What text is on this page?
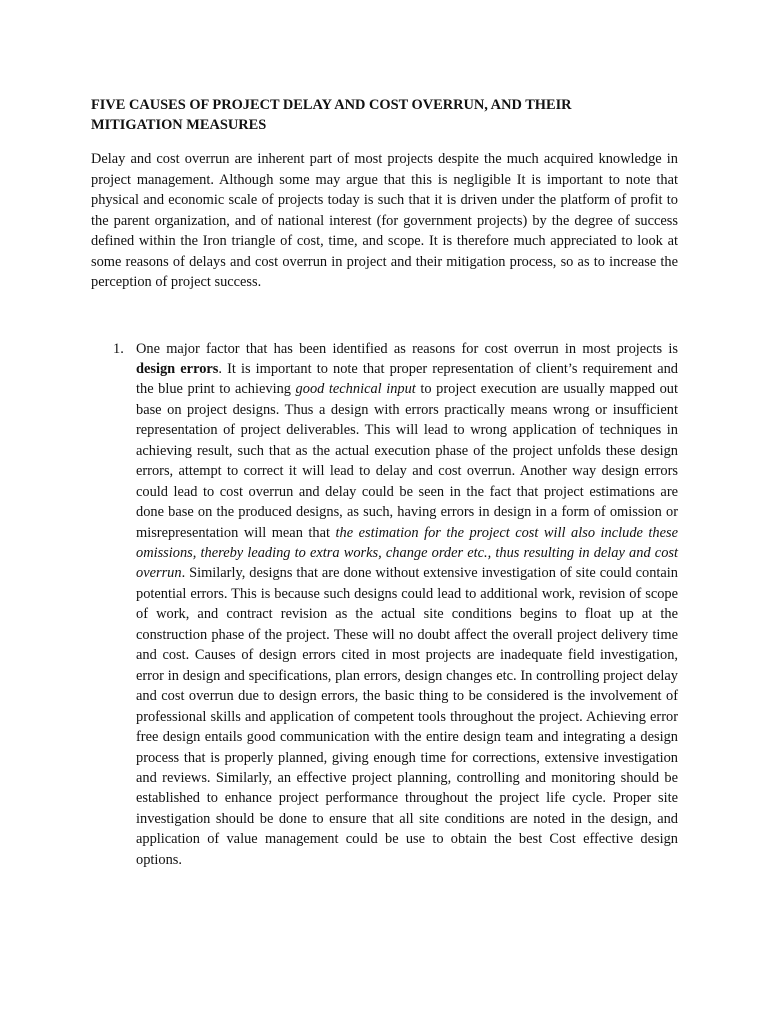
FIVE CAUSES OF PROJECT DELAY AND COST OVERRUN, AND THEIR MITIGATION MEASURES

Delay and cost overrun are inherent part of most projects despite the much acquired knowledge in project management. Although some may argue that this is negligible It is important to note that physical and economic scale of projects today is such that it is driven under the platform of profit to the parent organization, and of national interest (for government projects) by the degree of success defined within the Iron triangle of cost, time, and scope. It is therefore much appreciated to look at some reasons of delays and cost overrun in project and their mitigation process, so as to increase the perception of project success.

1. One major factor that has been identified as reasons for cost overrun in most projects is design errors. It is important to note that proper representation of client’s requirement and the blue print to achieving good technical input to project execution are usually mapped out base on project designs. Thus a design with errors practically means wrong or insufficient representation of project deliverables. This will lead to wrong application of techniques in achieving result, such that as the actual execution phase of the project unfolds these design errors, attempt to correct it will lead to delay and cost overrun. Another way design errors could lead to cost overrun and delay could be seen in the fact that project estimations are done base on the produced designs, as such, having errors in design in a form of omission or misrepresentation will mean that the estimation for the project cost will also include these omissions, thereby leading to extra works, change order etc., thus resulting in delay and cost overrun. Similarly, designs that are done without extensive investigation of site could contain potential errors. This is because such designs could lead to additional work, revision of scope of work, and contract revision as the actual site conditions begins to float up at the construction phase of the project. These will no doubt affect the overall project delivery time and cost. Causes of design errors cited in most projects are inadequate field investigation, error in design and specifications, plan errors, design changes etc. In controlling project delay and cost overrun due to design errors, the basic thing to be considered is the involvement of professional skills and application of competent tools throughout the project. Achieving error free design entails good communication with the entire design team and integrating a design process that is properly planned, giving enough time for corrections, extensive investigation and reviews. Similarly, an effective project planning, controlling and monitoring should be established to enhance project performance throughout the project life cycle. Proper site investigation should be done to ensure that all site conditions are noted in the design, and application of value management could be use to obtain the best Cost effective design options.
